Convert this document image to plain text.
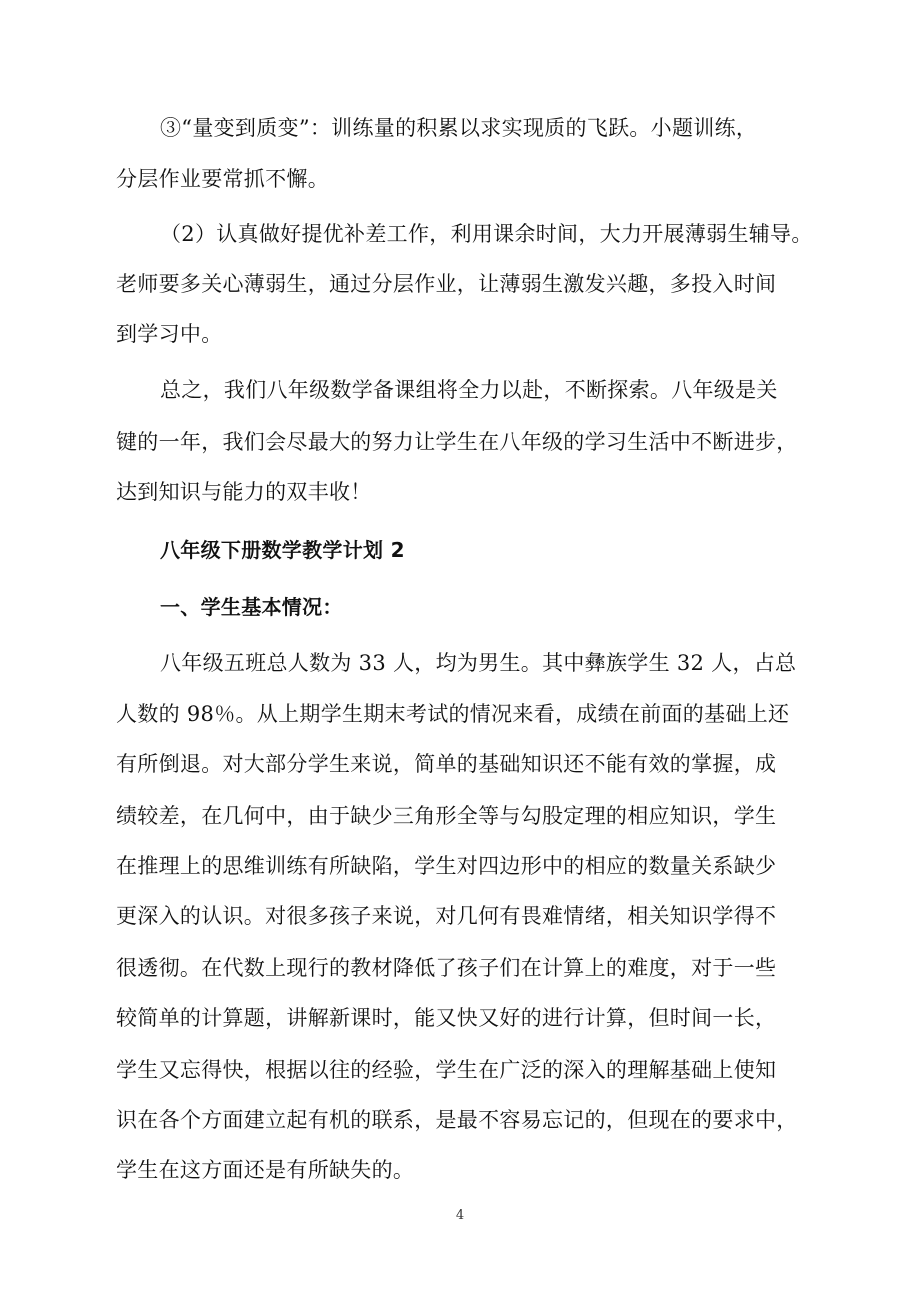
③“量变到质变”：训练量的积累以求实现质的飞跃。小题训练，
分层作业要常抓不懈。
（2）认真做好提优补差工作，利用课余时间，大力开展薄弱生辅导。
老师要多关心薄弱生，通过分层作业，让薄弱生激发兴趣，多投入时间
到学习中。
总之，我们八年级数学备课组将全力以赴，不断探索。八年级是关
键的一年，我们会尽最大的努力让学生在八年级的学习生活中不断进步，
达到知识与能力的双丰收！
八年级下册数学教学计划 2
一、学生基本情况：
八年级五班总人数为 33 人，均为男生。其中彝族学生 32 人，占总
人数的 98％。从上期学生期末考试的情况来看，成绩在前面的基础上还
有所倒退。对大部分学生来说，简单的基础知识还不能有效的掌握，成
绩较差，在几何中，由于缺少三角形全等与勾股定理的相应知识，学生
在推理上的思维训练有所缺陷，学生对四边形中的相应的数量关系缺少
更深入的认识。对很多孩子来说，对几何有畏难情绪，相关知识学得不
很透彻。在代数上现行的教材降低了孩子们在计算上的难度，对于一些
较简单的计算题，讲解新课时，能又快又好的进行计算，但时间一长，
学生又忘得快，根据以往的经验，学生在广泛的深入的理解基础上使知
识在各个方面建立起有机的联系，是最不容易忘记的，但现在的要求中，
学生在这方面还是有所缺失的。
4
